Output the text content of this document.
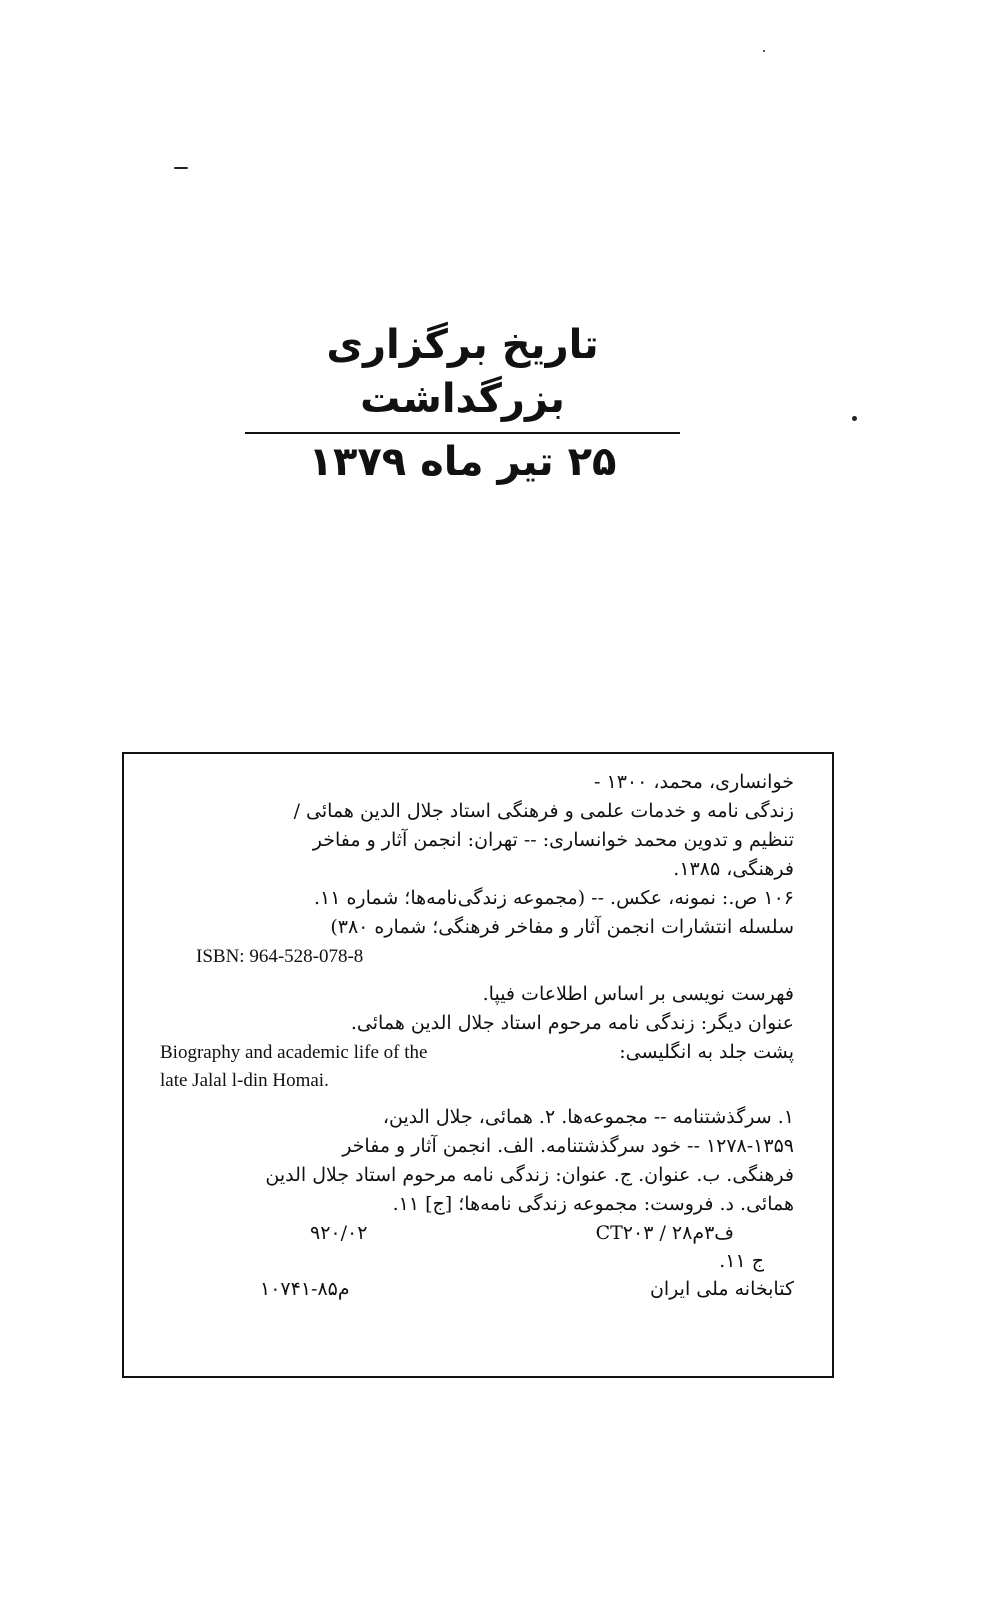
تاریخ برگزاری بزرگداشت

۲۵ تیر ماه ۱۳۷۹

خوانساری، محمد، ۱۳۰۰ -

زندگی نامه و خدمات علمی و فرهنگی استاد جلال الدین همائی /

تنظیم و تدوین محمد خوانساری: -- تهران: انجمن آثار و مفاخر

فرهنگی، ۱۳۸۵.

۱۰۶ ص.: نمونه، عکس. -- (مجموعه زندگی‌نامه‌ها؛ شماره ۱۱.

سلسله انتشارات انجمن آثار و مفاخر فرهنگی؛ شماره ۳۸۰)

ISBN: 964-528-078-8

فهرست نویسی بر اساس اطلاعات فیپا.

عنوان دیگر: زندگی نامه مرحوم استاد جلال الدین همائی.

Biography and academic life of the	پشت جلد به انگلیسی:

late Jalal l-din Homai.

۱. سرگذشتنامه -- مجموعه‌ها. ۲. همائی، جلال الدین،

۱۲۷۸-۱۳۵۹ -- خود سرگذشتنامه. الف. انجمن آثار و مفاخر

فرهنگی. ب. عنوان. ج. عنوان: زندگی نامه مرحوم استاد جلال الدین

همائی. د. فروست: مجموعه زندگی نامه‌ها؛ [ج] ۱۱.

۹۲۰/۰۲	CT۲۰۳ / ۲۸ف۳م

ج ۱۱.

۱۰۷۴۱-۸۵م	کتابخانه ملی ایران
